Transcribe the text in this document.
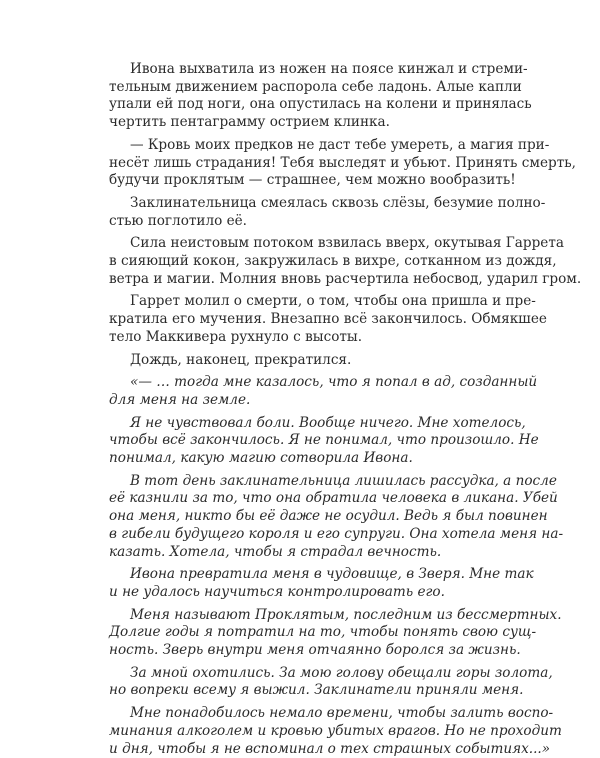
Ивона выхватила из ножен на поясе кинжал и стреми-

тельным движением распорола себе ладонь. Алые капли

упали ей под ноги, она опустилась на колени и принялась

чертить пентаграмму острием клинка.

— Кровь моих предков не даст тебе умереть, а магия при-

несёт лишь страдания! Тебя выследят и убьют. Принять смерть,

будучи проклятым — страшнее, чем можно вообразить!

Заклинательница смеялась сквозь слёзы, безумие полно-

стью поглотило её.

Сила неистовым потоком взвилась вверх, окутывая Гаррета

в сияющий кокон, закружилась в вихре, сотканном из дождя,

ветра и магии. Молния вновь расчертила небосвод, ударил гром.

Гаррет молил о смерти, о том, чтобы она пришла и пре-

кратила его мучения. Внезапно всё закончилось. Обмякшее

тело Маккивера рухнуло с высоты.

Дождь, наконец, прекратился.

«— … тогда мне казалось, что я попал в ад, созданный

для меня на земле.

Я не чувствовал боли. Вообще ничего. Мне хотелось,

чтобы всё закончилось. Я не понимал, что произошло. Не

понимал, какую магию сотворила Ивона.

В тот день заклинательница лишилась рассудка, а после

её казнили за то, что она обратила человека в ликана. Убей

она меня, никто бы её даже не осудил. Ведь я был повинен

в гибели будущего короля и его супруги. Она хотела меня на-

казать. Хотела, чтобы я страдал вечность.

Ивона превратила меня в чудовище, в Зверя. Мне так

и не удалось научиться контролировать его.

Меня называют Проклятым, последним из бессмертных.

Долгие годы я потратил на то, чтобы понять свою сущ-

ность. Зверь внутри меня отчаянно боролся за жизнь.

За мной охотились. За мою голову обещали горы золота,

но вопреки всему я выжил. Заклинатели приняли меня.

Мне понадобилось немало времени, чтобы залить воспо-

минания алкоголем и кровью убитых врагов. Но не проходит

и дня, чтобы я не вспоминал о тех страшных событиях...»
